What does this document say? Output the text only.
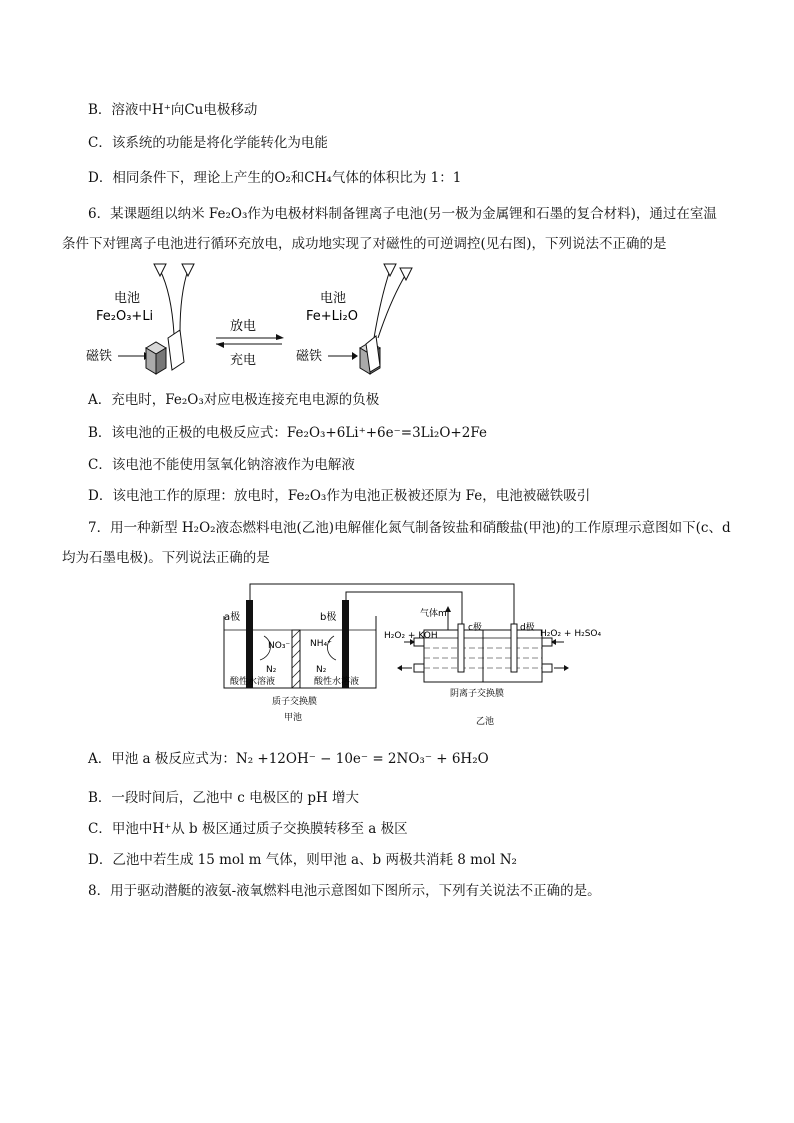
B．溶液中H⁺向Cu电极移动
C．该系统的功能是将化学能转化为电能
D．相同条件下，理论上产生的O₂和CH₄气体的体积比为 1：1
6．某课题组以纳米 Fe₂O₃作为电极材料制备锂离子电池(另一极为金属锂和石墨的复合材料)，通过在室温
条件下对锂离子电池进行循环充放电，成功地实现了对磁性的可逆调控(见右图)，下列说法不正确的是
电池
Fe₂O₃+Li
磁铁
放电
充电
电池
Fe+Li₂O
磁铁
A．充电时，Fe₂O₃对应电极连接充电电源的负极
B．该电池的正极的电极反应式：Fe₂O₃+6Li⁺+6e⁻=3Li₂O+2Fe
C．该电池不能使用氢氧化钠溶液作为电解液
D．该电池工作的原理：放电时，Fe₂O₃作为电池正极被还原为 Fe，电池被磁铁吸引
7．用一种新型 H₂O₂液态燃料电池(乙池)电解催化氮气制备铵盐和硝酸盐(甲池)的工作原理示意图如下(c、d
均为石墨电极)。下列说法正确的是
a极	b极
NO₃⁻
N₂
NH₄⁺
N₂
酸性水溶液	酸性水溶液
质子交换膜
甲池
c极	d极
气体m
H₂O₂ + KOH	H₂O₂ + H₂SO₄
阴离子交换膜
乙池
A．甲池 a 极反应式为：N₂ +12OH⁻ − 10e⁻ = 2NO₃⁻ + 6H₂O
B．一段时间后，乙池中 c 电极区的 pH 增大
C．甲池中H⁺从 b 极区通过质子交换膜转移至 a 极区
D．乙池中若生成 15 mol m 气体，则甲池 a、b 两极共消耗 8 mol N₂
8．用于驱动潜艇的液氨-液氧燃料电池示意图如下图所示，下列有关说法不正确的是。
